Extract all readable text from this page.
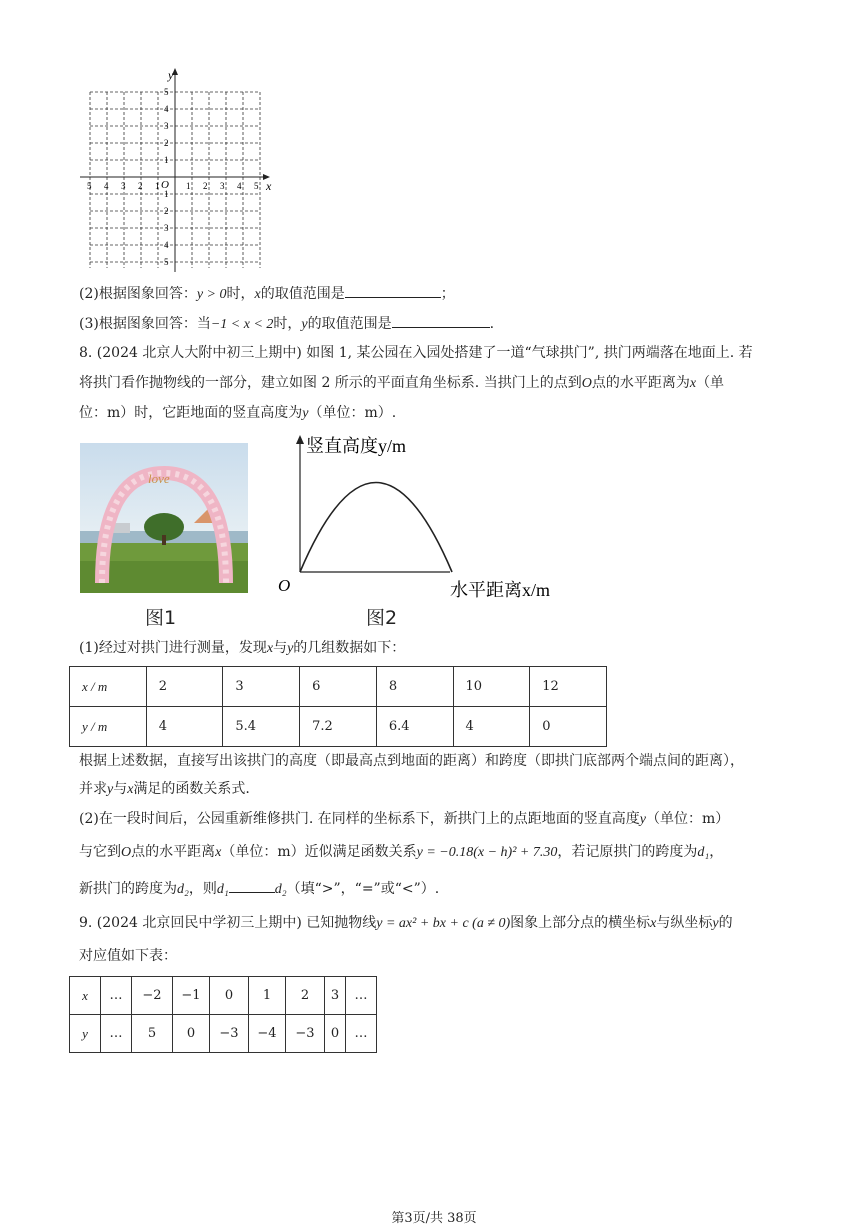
y
x
O
5 4 3 2 1	1 2 3 4 5
5
4
3
2
1
1
2
3
4
5
(2)根据图象回答：y > 0时，x的取值范围是	；
(3)根据图象回答：当−1 < x < 2时，y的取值范围是	.
8. (2024 北京人大附中初三上期中) 如图 1, 某公园在入园处搭建了一道“气球拱门”, 拱门两端落在地面上. 若
将拱门看作抛物线的一部分，建立如图 2 所示的平面直角坐标系. 当拱门上的点到O点的水平距离为x（单
位：m）时，它距地面的竖直高度为y（单位：m）.
love
图1
竖直高度y/m
水平距离x/m
O
图2
(1)经过对拱门进行测量，发现x与y的几组数据如下：
x / m	2	3	6	8	10	12
y / m	4	5.4	7.2	6.4	4	0
根据上述数据，直接写出该拱门的高度（即最高点到地面的距离）和跨度（即拱门底部两个端点间的距离），
并求y与x满足的函数关系式.
(2)在一段时间后，公园重新维修拱门. 在同样的坐标系下，新拱门上的点距地面的竖直高度y（单位：m）
与它到O点的水平距离x（单位：m）近似满足函数关系y = −0.18(x − h)² + 7.30，若记原拱门的跨度为d₁，
新拱门的跨度为d₂，则d₁	d₂（填“>”，“=”或“<”）.
9. (2024 北京回民中学初三上期中) 已知抛物线y = ax² + bx + c (a ≠ 0)图象上部分点的横坐标x与纵坐标y的
对应值如下表：
x	…	−2	−1	0	1	2	3	…
y	…	5	0	−3	−4	−3	0	…
第3页/共 38页
